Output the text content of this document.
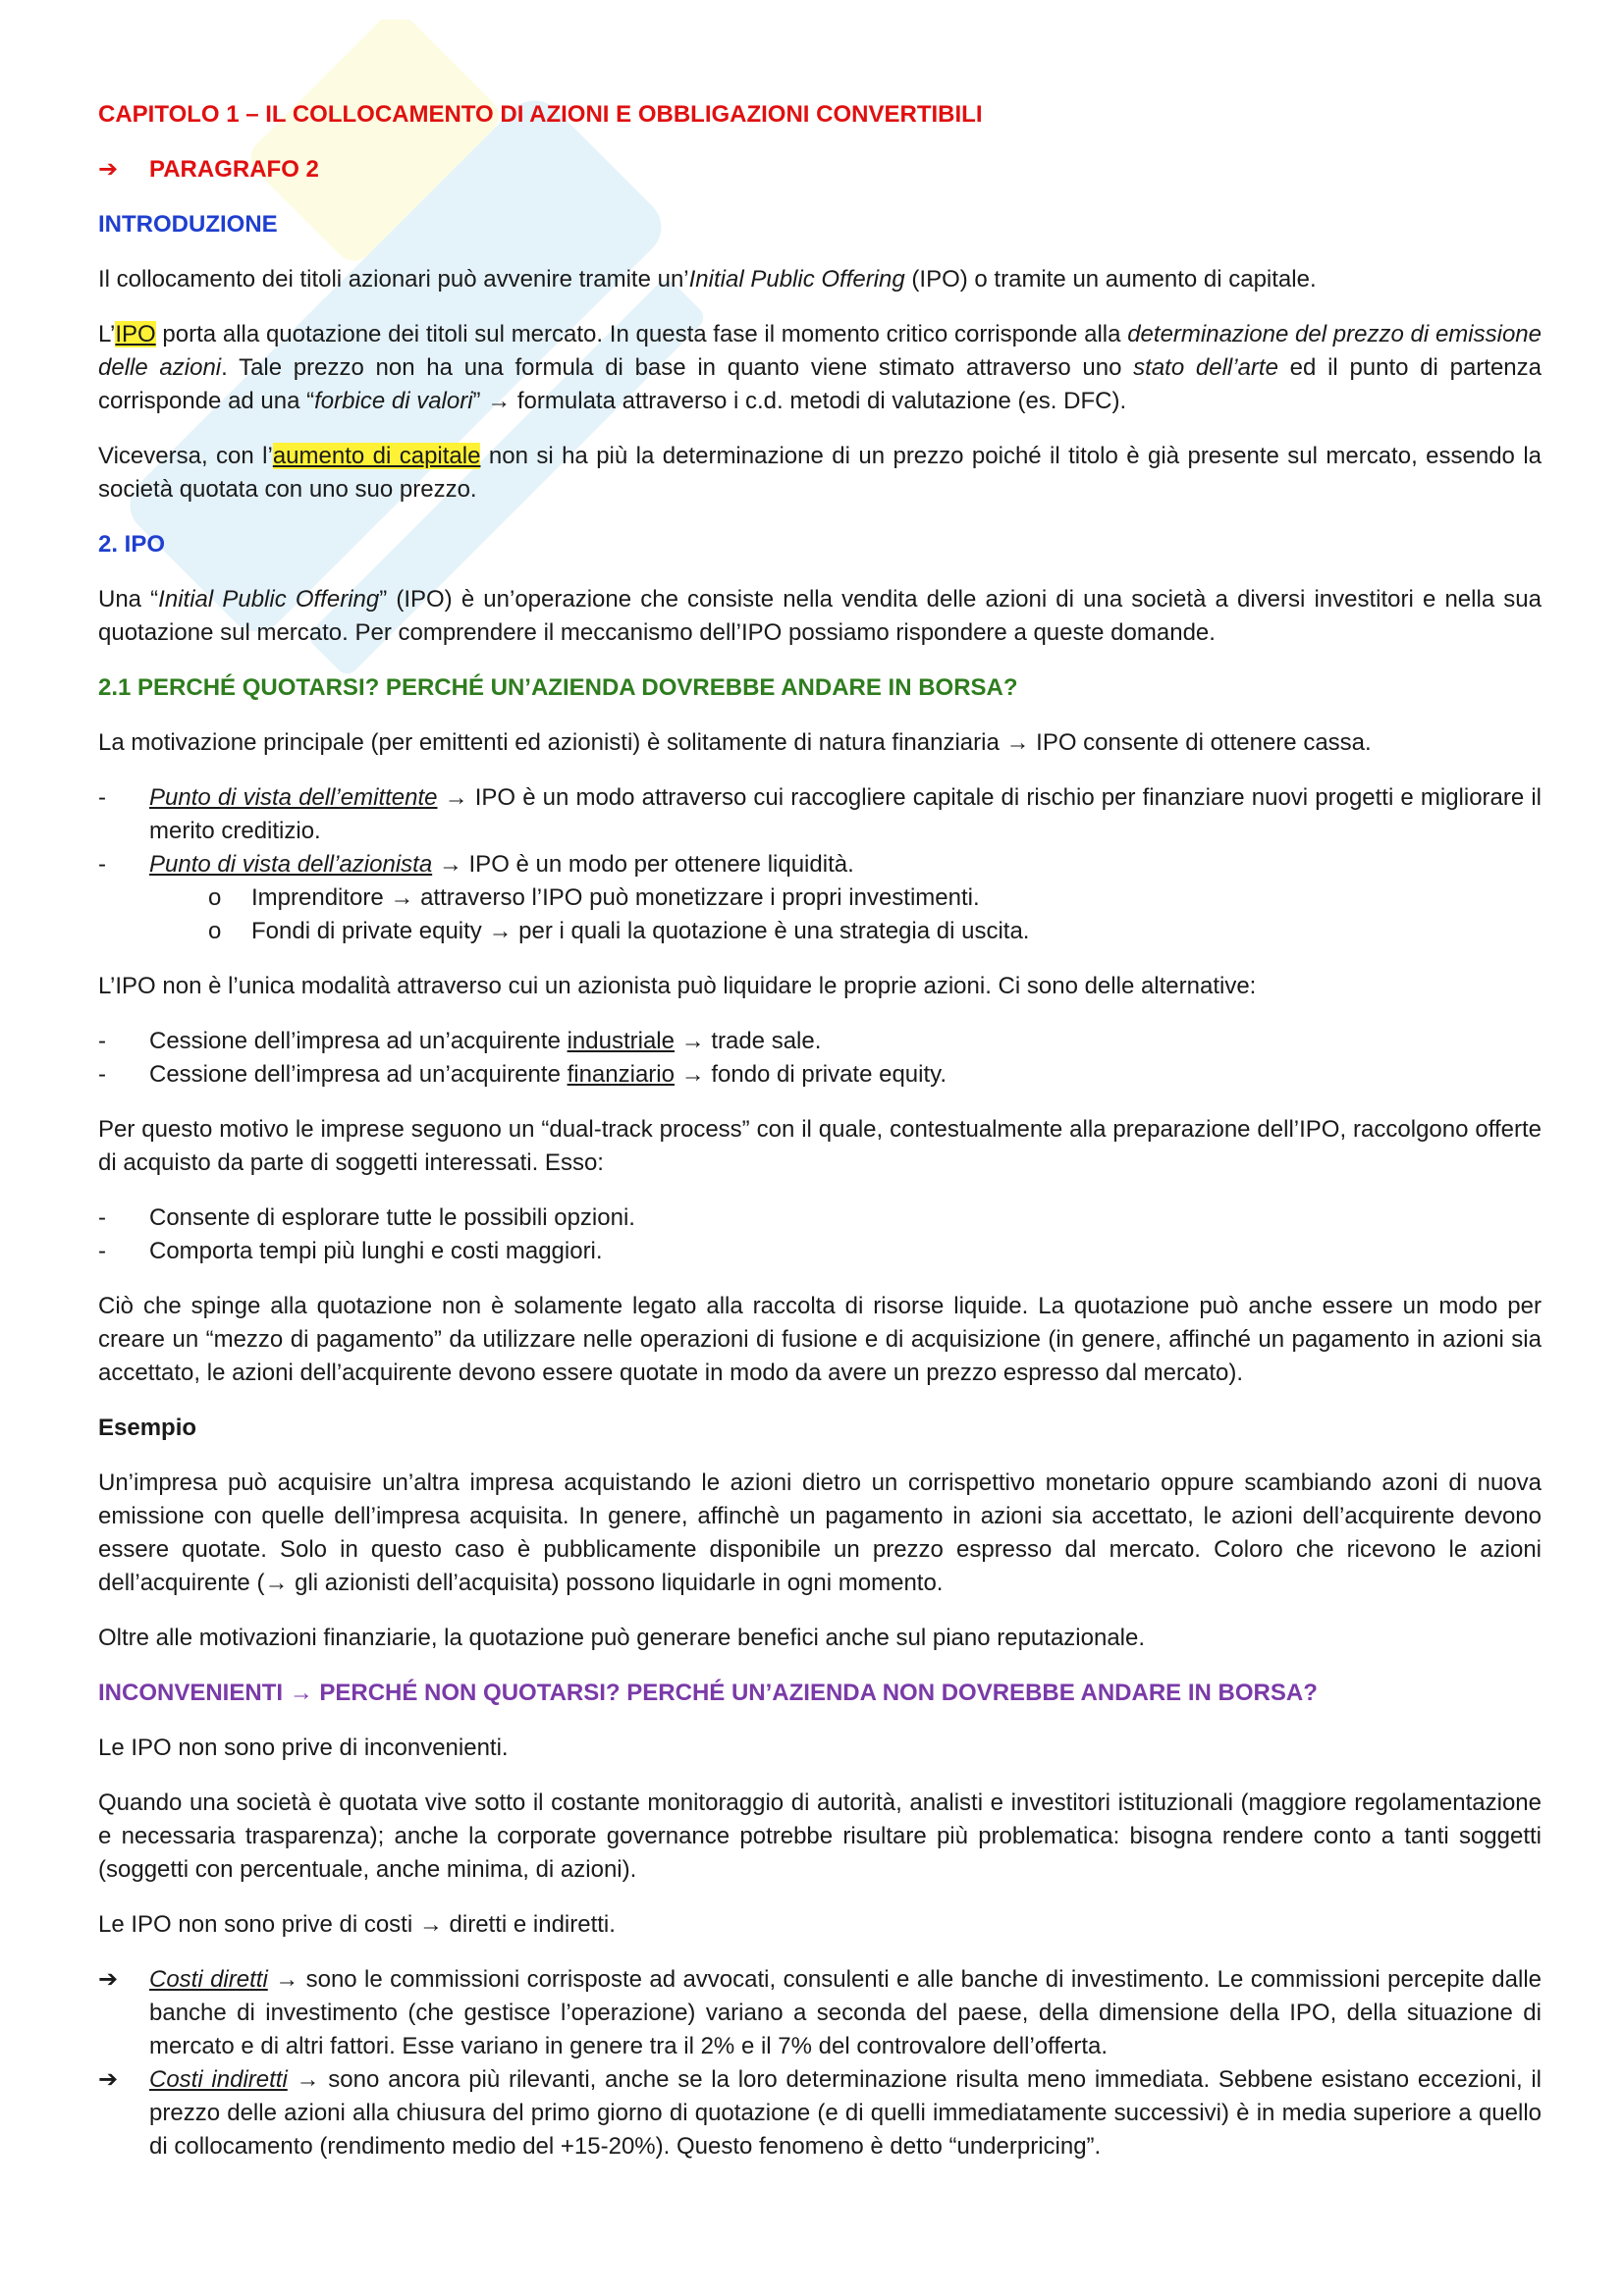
CAPITOLO 1 – IL COLLOCAMENTO DI AZIONI E OBBLIGAZIONI CONVERTIBILI
➔	PARAGRAFO 2
INTRODUZIONE

Il collocamento dei titoli azionari può avvenire tramite un’Initial Public Offering (IPO) o tramite un aumento di capitale.

L’IPO porta alla quotazione dei titoli sul mercato. In questa fase il momento critico corrisponde alla determinazione del prezzo di emissione delle azioni. Tale prezzo non ha una formula di base in quanto viene stimato attraverso uno stato dell’arte ed il punto di partenza corrisponde ad una “forbice di valori” → formulata attraverso i c.d. metodi di valutazione (es. DFC).

Viceversa, con l’aumento di capitale non si ha più la determinazione di un prezzo poiché il titolo è già presente sul mercato, essendo la società quotata con uno suo prezzo.

2. IPO

Una “Initial Public Offering” (IPO) è un’operazione che consiste nella vendita delle azioni di una società a diversi investitori e nella sua quotazione sul mercato. Per comprendere il meccanismo dell’IPO possiamo rispondere a queste domande.

2.1 PERCHÉ QUOTARSI? PERCHÉ UN’AZIENDA DOVREBBE ANDARE IN BORSA?

La motivazione principale (per emittenti ed azionisti) è solitamente di natura finanziaria → IPO consente di ottenere cassa.

- Punto di vista dell’emittente → IPO è un modo attraverso cui raccogliere capitale di rischio per finanziare nuovi progetti e migliorare il merito creditizio.
- Punto di vista dell’azionista → IPO è un modo per ottenere liquidità.
o Imprenditore → attraverso l’IPO può monetizzare i propri investimenti.
o Fondi di private equity → per i quali la quotazione è una strategia di uscita.

L’IPO non è l’unica modalità attraverso cui un azionista può liquidare le proprie azioni. Ci sono delle alternative:

- Cessione dell’impresa ad un’acquirente industriale → trade sale.
- Cessione dell’impresa ad un’acquirente finanziario → fondo di private equity.

Per questo motivo le imprese seguono un “dual-track process” con il quale, contestualmente alla preparazione dell’IPO, raccolgono offerte di acquisto da parte di soggetti interessati. Esso:

- Consente di esplorare tutte le possibili opzioni.
- Comporta tempi più lunghi e costi maggiori.

Ciò che spinge alla quotazione non è solamente legato alla raccolta di risorse liquide. La quotazione può anche essere un modo per creare un “mezzo di pagamento” da utilizzare nelle operazioni di fusione e di acquisizione (in genere, affinché un pagamento in azioni sia accettato, le azioni dell’acquirente devono essere quotate in modo da avere un prezzo espresso dal mercato).

Esempio

Un’impresa può acquisire un’altra impresa acquistando le azioni dietro un corrispettivo monetario oppure scambiando azoni di nuova emissione con quelle dell’impresa acquisita. In genere, affinchè un pagamento in azioni sia accettato, le azioni dell’acquirente devono essere quotate. Solo in questo caso è pubblicamente disponibile un prezzo espresso dal mercato. Coloro che ricevono le azioni dell’acquirente (→ gli azionisti dell’acquisita) possono liquidarle in ogni momento.

Oltre alle motivazioni finanziarie, la quotazione può generare benefici anche sul piano reputazionale.

INCONVENIENTI → PERCHÉ NON QUOTARSI? PERCHÉ UN’AZIENDA NON DOVREBBE ANDARE IN BORSA?

Le IPO non sono prive di inconvenienti.

Quando una società è quotata vive sotto il costante monitoraggio di autorità, analisti e investitori istituzionali (maggiore regolamentazione e necessaria trasparenza); anche la corporate governance potrebbe risultare più problematica: bisogna rendere conto a tanti soggetti (soggetti con percentuale, anche minima, di azioni).

Le IPO non sono prive di costi → diretti e indiretti.

➔ Costi diretti → sono le commissioni corrisposte ad avvocati, consulenti e alle banche di investimento. Le commissioni percepite dalle banche di investimento (che gestisce l’operazione) variano a seconda del paese, della dimensione della IPO, della situazione di mercato e di altri fattori. Esse variano in genere tra il 2% e il 7% del controvalore dell’offerta.
➔ Costi indiretti → sono ancora più rilevanti, anche se la loro determinazione risulta meno immediata. Sebbene esistano eccezioni, il prezzo delle azioni alla chiusura del primo giorno di quotazione (e di quelli immediatamente successivi) è in media superiore a quello di collocamento (rendimento medio del +15-20%). Questo fenomeno è detto “underpricing”.
